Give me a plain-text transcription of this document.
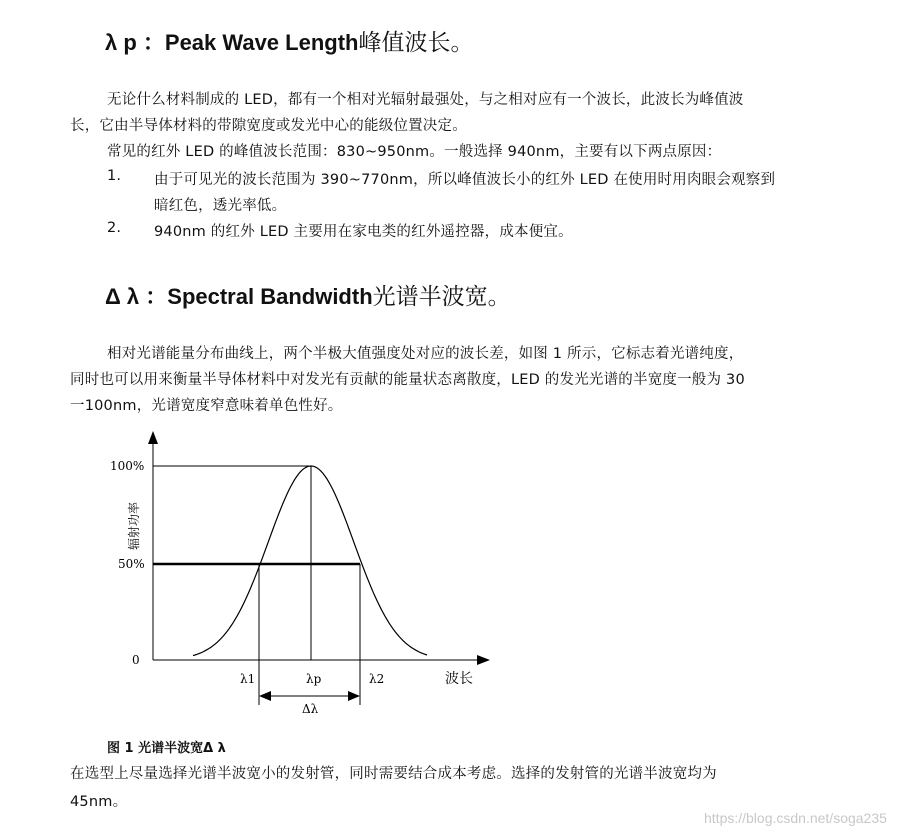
λ p ：Peak Wave Length峰值波长。
无论什么材料制成的 LED，都有一个相对光辐射最强处，与之相对应有一个波长，此波长为峰值波
长，它由半导体材料的带隙宽度或发光中心的能级位置决定。
常见的红外 LED 的峰值波长范围：830~950nm。一般选择 940nm，主要有以下两点原因：
1. 由于可见光的波长范围为 390~770nm，所以峰值波长小的红外 LED 在使用时用肉眼会观察到
暗红色，透光率低。
2. 940nm 的红外 LED 主要用在家电类的红外遥控器，成本便宜。
Δ λ ：Spectral Bandwidth光谱半波宽。
相对光谱能量分布曲线上，两个半极大值强度处对应的波长差，如图 1 所示，它标志着光谱纯度，
同时也可以用来衡量半导体材料中对发光有贡献的能量状态离散度，LED 的发光光谱的半宽度一般为 30
一100nm，光谱宽度窄意味着单色性好。
100%
50%
0
辐射功率
λ1	λp	λ2	波长
Δλ
图 1 光谱半波宽Δ λ
在选型上尽量选择光谱半波宽小的发射管，同时需要结合成本考虑。选择的发射管的光谱半波宽均为
45nm。
https://blog.csdn.net/soga235
